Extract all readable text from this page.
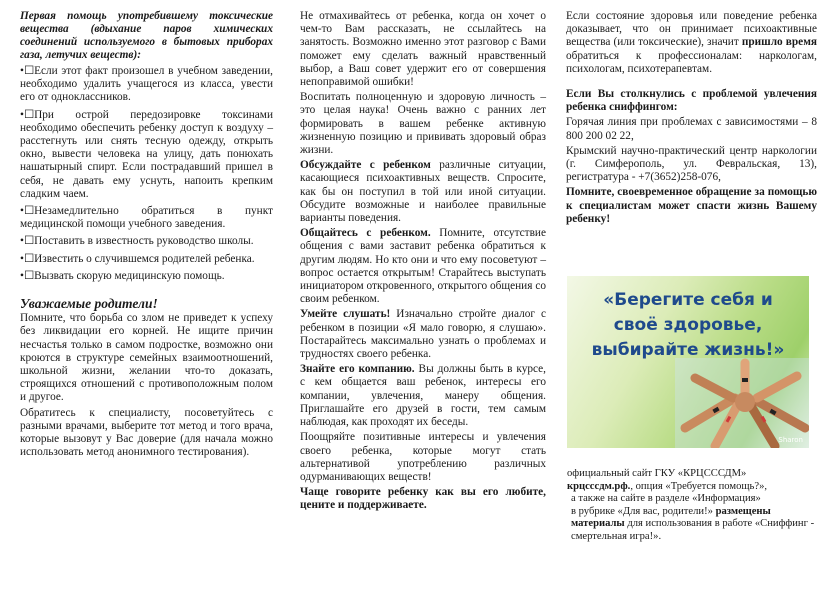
Первая помощь употребившему токсические вещества (вдыхание паров химических соединений используемого в бытовых приборах газа, летучих веществ):

•☐Если этот факт произошел в учебном заведении, необходимо удалить учащегося из класса, увести его от одноклассников.

•☐При острой передозировке токсинами необходимо обеспечить ребенку доступ к воздуху – расстегнуть или снять тесную одежду, открыть окно, вывести человека на улицу, дать понюхать нашатырный спирт. Если пострадавший пришел в себя, не давать ему уснуть, напоить крепким сладким чаем.

•☐Незамедлительно обратиться в пункт медицинской помощи учебного заведения.

•☐Поставить в известность руководство школы.

•☐Известить о случившемся родителей ребенка.

•☐Вызвать скорую медицинскую помощь.

Уважаемые родители!

Помните, что борьба со злом не приведет к успеху без ликвидации его корней. Не ищите причин несчастья только в самом подростке, возможно они кроются в структуре семейных взаимоотношений, школьной жизни, желании что-то доказать, строящихся отношений с противоположным полом и другое.

Обратитесь к специалисту, посоветуйтесь с разными врачами, выберите тот метод и того врача, которые вызовут у Вас доверие (для начала можно использовать метод анонимного тестирования).

Не отмахивайтесь от ребенка, когда он хочет о чем-то Вам рассказать, не ссылайтесь на занятость. Возможно именно этот разговор с Вами поможет ему сделать важный нравственный выбор, а Ваш совет удержит его от совершения непоправимой ошибки!

Воспитать полноценную и здоровую личность – это целая наука! Очень важно с ранних лет формировать в вашем ребенке активную жизненную позицию и прививать здоровый образ жизни.

Обсуждайте с ребенком различные ситуации, касающиеся психоактивных веществ. Спросите, как бы он поступил в той или иной ситуации. Обсудите возможные и наиболее правильные варианты поведения.

Общайтесь с ребенком. Помните, отсутствие общения с вами заставит ребенка обратиться к другим людям. Но кто они и что ему посоветуют – вопрос остается открытым! Старайтесь выступать инициатором откровенного, открытого общения со своим ребенком.

Умейте слушать! Изначально стройте диалог с ребенком в позиции «Я мало говорю, я слушаю». Постарайтесь максимально узнать о проблемах и трудностях своего ребенка.

Знайте его компанию. Вы должны быть в курсе, с кем общается ваш ребенок, интересы его компании, увлечения, манеру общения. Приглашайте его друзей в гости, тем самым наблюдая, как проходят их беседы.

Поощряйте позитивные интересы и увлечения своего ребенка, которые могут стать альтернативой употреблению различных одурманивающих веществ!

Чаще говорите ребенку как вы его любите, цените и поддерживаете.

Если состояние здоровья или поведение ребенка доказывает, что он принимает психоактивные вещества (или токсические), значит пришло время обратиться к профессионалам: наркологам, психологам, психотерапевтам.

Если Вы столкнулись с проблемой увлечения ребенка сниффингом:

Горячая линия при проблемах с зависимостями – 8 800 200 02 22,

Крымский научно-практический центр наркологии (г. Симферополь, ул. Февральская, 13), регистратура - +7(3652)258-076,

Помните, своевременное обращение за помощью к специалистам может спасти жизнь Вашему ребенку!

«Берегите себя и
своё здоровье,
выбирайте жизнь!»
Sharon

официальный сайт ГКУ «КРЦСССДМ»

крцсссдм.рф., опция «Требуется помощь?»,

а также на сайте в разделе «Информация»

в рубрике «Для вас, родители!» размещены материалы для использования в работе «Сниффинг - смертельная игра!».
